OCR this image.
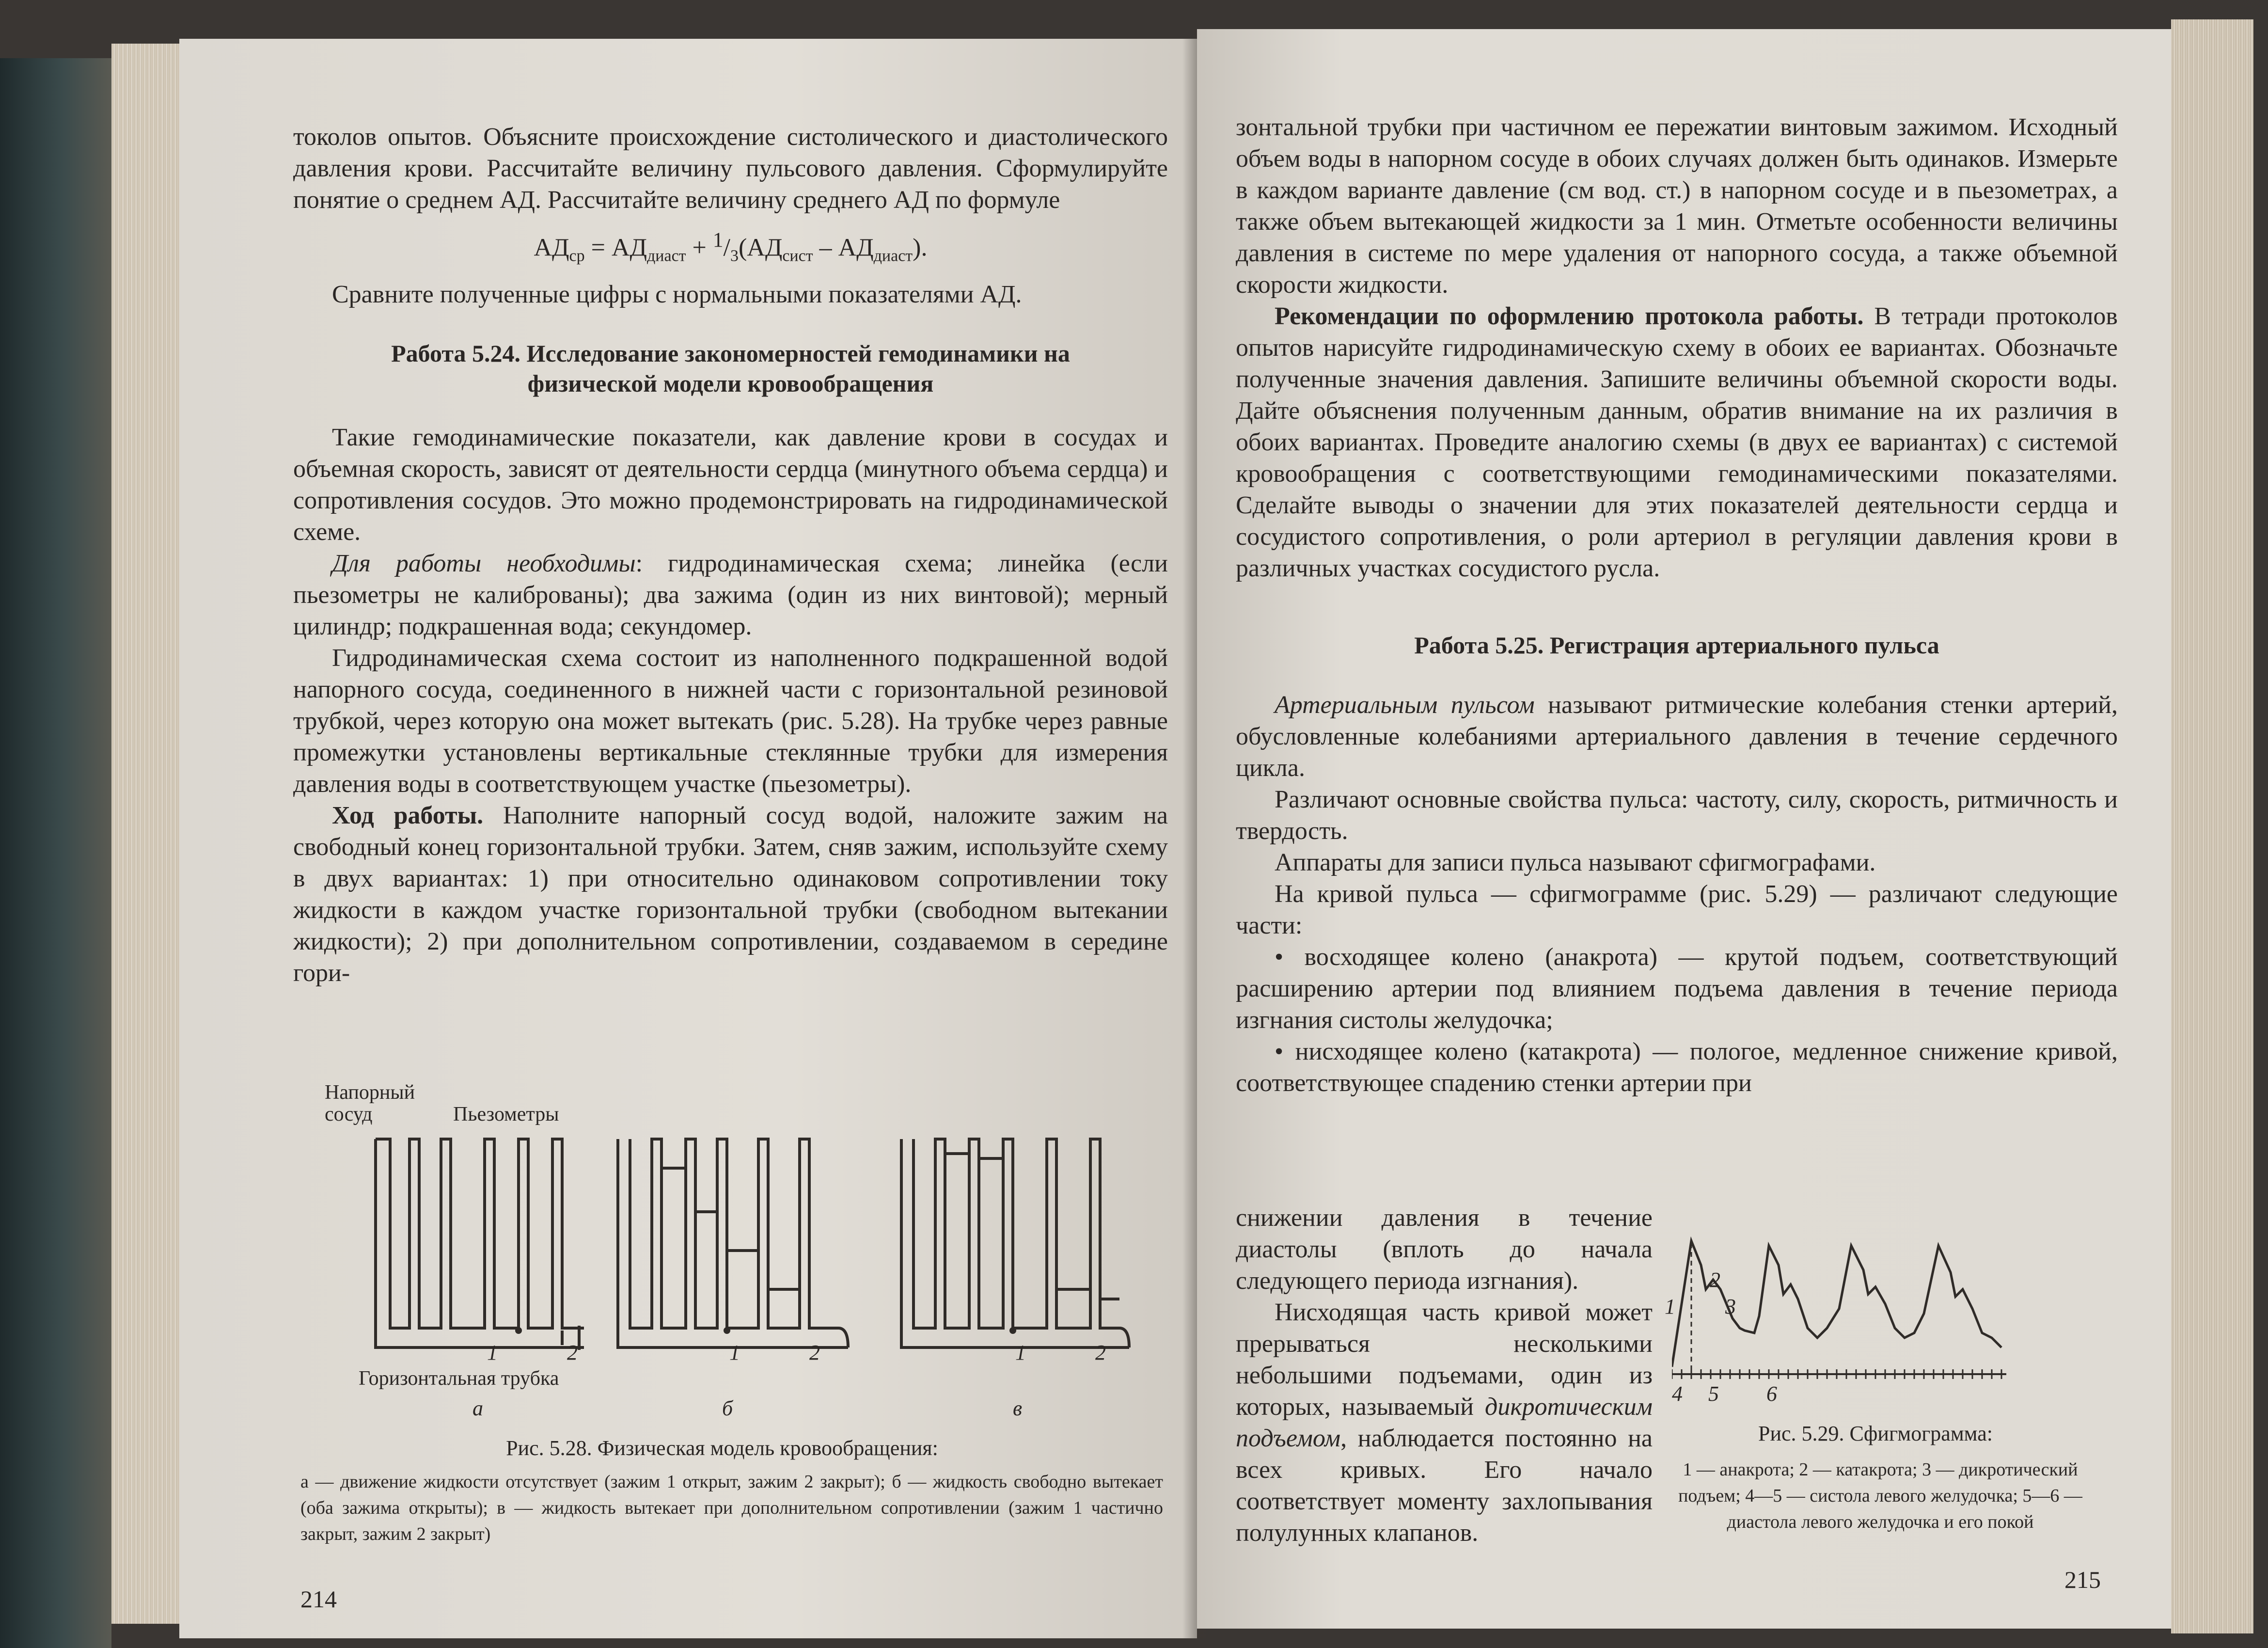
токолов опытов. Объясните происхождение систолического и диастолического давления крови. Рассчитайте величину пульсового давления. Сформулируйте понятие о среднем АД. Рассчитайте величину среднего АД по формуле

$АД_{ср} = АД_{диаст} + ^1/_3(АД_{сист} - АД_{диаст})$.

Сравните полученные цифры с нормальными показателями АД.

Работа 5.24. Исследование закономерностей гемодинамики на

физической модели кровообращения

Такие гемодинамические показатели, как давление крови в сосудах и объемная скорость, зависят от деятельности сердца (минутного объема сердца) и сопротивления сосудов. Это можно продемонстрировать на гидродинамической схеме.

Для работы необходимы: гидродинамическая схема; линейка (если пьезометры не калиброваны); два зажима (один из них винтовой); мерный цилиндр; подкрашенная вода; секундомер.

Гидродинамическая схема состоит из наполненного подкрашенной водой напорного сосуда, соединенного в нижней части с горизонтальной резиновой трубкой, через которую она может вытекать (рис. 5.28). На трубке через равные промежутки установлены вертикальные стеклянные трубки для измерения давления воды в соответствующем участке (пьезометры).

Ход работы. Наполните напорный сосуд водой, наложите зажим на свободный конец горизонтальной трубки. Затем, сняв зажим, используйте схему в двух вариантах: 1) при относительно одинаковом сопротивлении току жидкости в каждом участке горизонтальной трубки (свободном вытекании жидкости); 2) при дополнительном сопротивлении, создаваемом в середине гори-

Напорный
сосуд	Пьезометры
1	2	1	2	1	2
Горизонтальная трубка
а	б	в
Рис. 5.28. Физическая модель кровообращения:
а — движение жидкости отсутствует (зажим 1 открыт, зажим 2 закрыт); б — жидкость свободно вытекает (оба зажима открыты); в — жидкость вытекает при дополнительном сопротивлении (зажим 1 частично закрыт, зажим 2 закрыт)
214

зонтальной трубки при частичном ее пережатии винтовым зажимом. Исходный объем воды в напорном сосуде в обоих случаях должен быть одинаков. Измерьте в каждом варианте давление (см вод. ст.) в напорном сосуде и в пьезометрах, а также объем вытекающей жидкости за 1 мин. Отметьте особенности величины давления в системе по мере удаления от напорного сосуда, а также объемной скорости жидкости.

Рекомендации по оформлению протокола работы. В тетради протоколов опытов нарисуйте гидродинамическую схему в обоих ее вариантах. Обозначьте полученные значения давления. Запишите величины объемной скорости воды. Дайте объяснения полученным данным, обратив внимание на их различия в обоих вариантах. Проведите аналогию схемы (в двух ее вариантах) с системой кровообращения с соответствующими гемодинамическими показателями. Сделайте выводы о значении для этих показателей деятельности сердца и сосудистого сопротивления, о роли артериол в регуляции давления крови в различных участках сосудистого русла.

Работа 5.25. Регистрация артериального пульса

Артериальным пульсом называют ритмические колебания стенки артерий, обусловленные колебаниями артериального давления в течение сердечного цикла.

Различают основные свойства пульса: частоту, силу, скорость, ритмичность и твердость.

Аппараты для записи пульса называют сфигмографами.

На кривой пульса — сфигмограмме (рис. 5.29) — различают следующие части:

• восходящее колено (анакрота) — крутой подъем, соответствующий расширению артерии под влиянием подъема давления в течение периода изгнания систолы желудочка;

• нисходящее колено (катакрота) — пологое, медленное снижение кривой, соответствующее спадению стенки артерии при

снижении давления в течение диастолы (вплоть до начала следующего периода изгнания).

Нисходящая часть кривой может прерываться несколькими небольшими подъемами, один из которых, называемый дикротическим подъемом, наблюдается постоянно на всех кривых. Его начало соответствует моменту захлопывания полулунных клапанов.

1
2
3
4 5 6
Рис. 5.29. Сфигмограмма:
1 — анакрота; 2 — катакрота; 3 — дикротический подъем; 4—5 — систола левого желудочка; 5—6 — диастола левого желудочка и его покой
215
